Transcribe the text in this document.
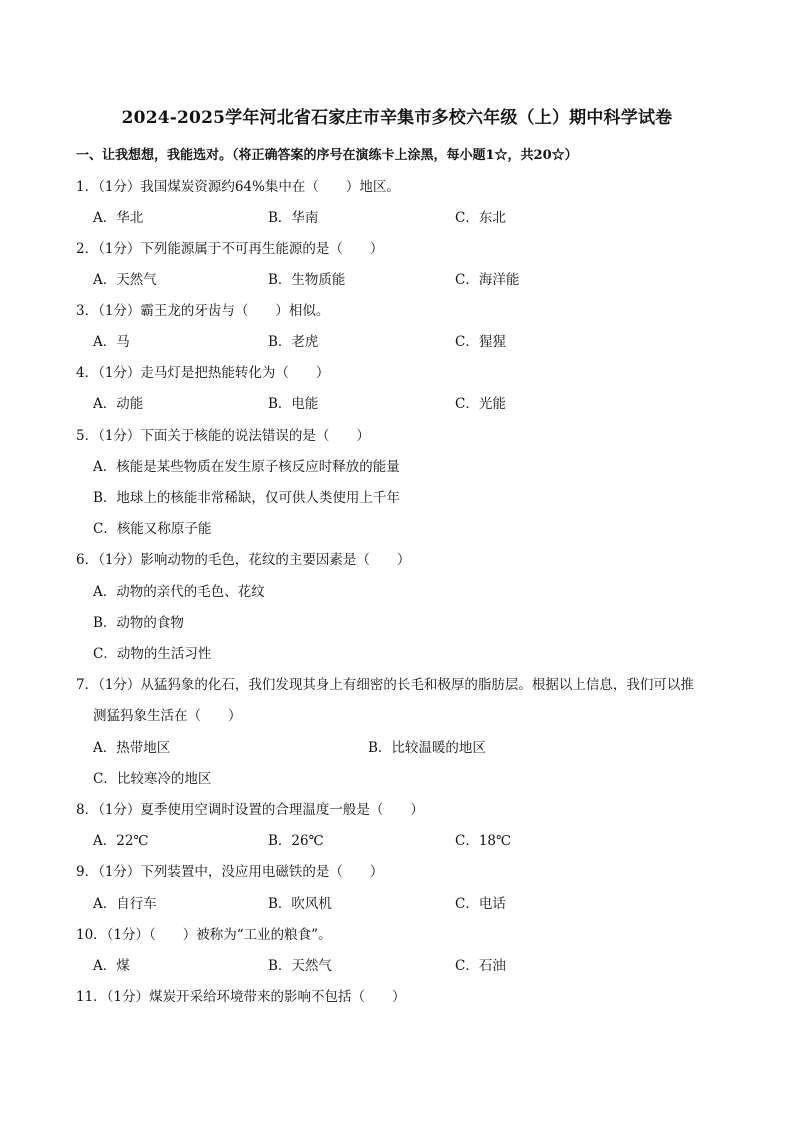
2024-2025学年河北省石家庄市辛集市多校六年级（上）期中科学试卷
一、让我想想，我能选对。（将正确答案的序号在演练卡上涂黑，每小题1☆，共20☆）
1．（1分）我国煤炭资源约64%集中在（　　）地区。
A．华北	B．华南	C．东北
2．（1分）下列能源属于不可再生能源的是（　　）
A．天然气	B．生物质能	C．海洋能
3．（1分）霸王龙的牙齿与（　　）相似。
A．马	B．老虎	C．猩猩
4．（1分）走马灯是把热能转化为（　　）
A．动能	B．电能	C．光能
5．（1分）下面关于核能的说法错误的是（　　）
A．核能是某些物质在发生原子核反应时释放的能量
B．地球上的核能非常稀缺，仅可供人类使用上千年
C．核能又称原子能
6．（1分）影响动物的毛色，花纹的主要因素是（　　）
A．动物的亲代的毛色、花纹
B．动物的食物
C．动物的生活习性
7．（1分）从猛犸象的化石，我们发现其身上有细密的长毛和极厚的脂肪层。根据以上信息，我们可以推
测猛犸象生活在（　　）
A．热带地区	B．比较温暖的地区
C．比较寒冷的地区
8．（1分）夏季使用空调时设置的合理温度一般是（　　）
A．22℃	B．26℃	C．18℃
9．（1分）下列装置中，没应用电磁铁的是（　　）
A．自行车	B．吹风机	C．电话
10．（1分）（　　）被称为“工业的粮食”。
A．煤	B．天然气	C．石油
11．（1分）煤炭开采给环境带来的影响不包括（　　）
